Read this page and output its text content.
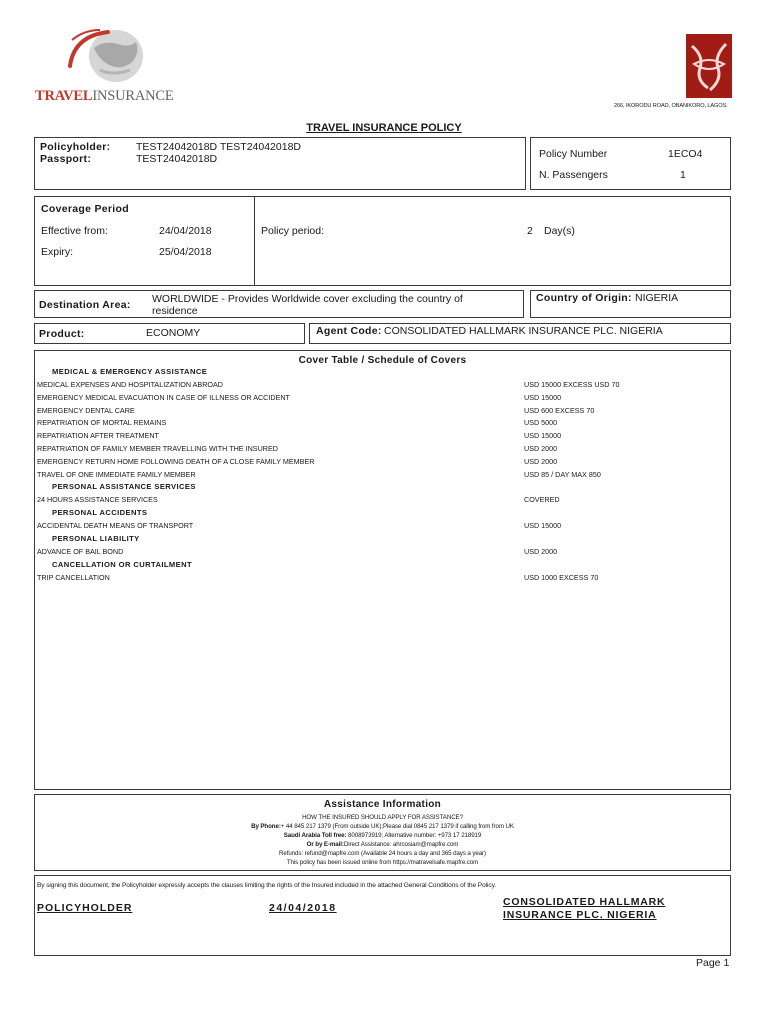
TRAVELINSURANCE
266, IKORODU ROAD, OBANIKORO, LAGOS.
TRAVEL INSURANCE POLICY
Policyholder: TEST24042018D TEST24042018D
Passport:	TEST24042018D	Policy Number	1ECO4
N. Passengers	1
Coverage Period
Effective from:	24/04/2018
Expiry:	25/04/2018
Policy period:	2 Day(s)
Destination Area: WORLDWIDE - Provides Worldwide cover excluding the country of
residence
Country of Origin: NIGERIA
Product:	ECONOMY	Agent Code: CONSOLIDATED HALLMARK INSURANCE PLC. NIGERIA
Cover Table / Schedule of Covers
MEDICAL & EMERGENCY ASSISTANCE
MEDICAL EXPENSES AND HOSPITALIZATION ABROAD	USD 15000 EXCESS USD 70
EMERGENCY MEDICAL EVACUATION IN CASE OF ILLNESS OR ACCIDENT	USD 15000
EMERGENCY DENTAL CARE	USD 600 EXCESS 70
REPATRIATION OF MORTAL REMAINS	USD 5000
REPATRIATION AFTER TREATMENT	USD 15000
REPATRIATION OF FAMILY MEMBER TRAVELLING WITH THE INSURED	USD 2000
EMERGENCY RETURN HOME FOLLOWING DEATH OF A CLOSE FAMILY MEMBER	USD 2000
TRAVEL OF ONE IMMEDIATE FAMILY MEMBER	USD 85 / DAY MAX 850
PERSONAL ASSISTANCE SERVICES
24 HOURS ASSISTANCE SERVICES	COVERED
PERSONAL ACCIDENTS
ACCIDENTAL DEATH MEANS OF TRANSPORT	USD 15000
PERSONAL LIABILITY
ADVANCE OF BAIL BOND	USD 2000
CANCELLATION OR CURTAILMENT
TRIP CANCELLATION	USD 1000 EXCESS 70
Assistance Information
HOW THE INSURED SHOULD APPLY FOR ASSISTANCE?
By Phone:+ 44 845 217 1379 (From outside UK);Please dial 0845 217 1379 if calling from from UK
Saudi Arabia Toll free: 8008973919; Alternative number: +973 17 218919
Or by E-mail:Direct Assistance: ahrcosiam@mapfre.com
Refunds: refund@mapfre.com (Available 24 hours a day and 365 days a year)
This policy has been issued online from https://matravelsafe.mapfre.com
By signing this document, the Policyholder expressly accepts the clauses limiting the rights of the Insured included in the attached General Conditions of the Policy.
POLICYHOLDER	24/04/2018	CONSOLIDATED HALLMARK
INSURANCE PLC. NIGERIA
Page 1
